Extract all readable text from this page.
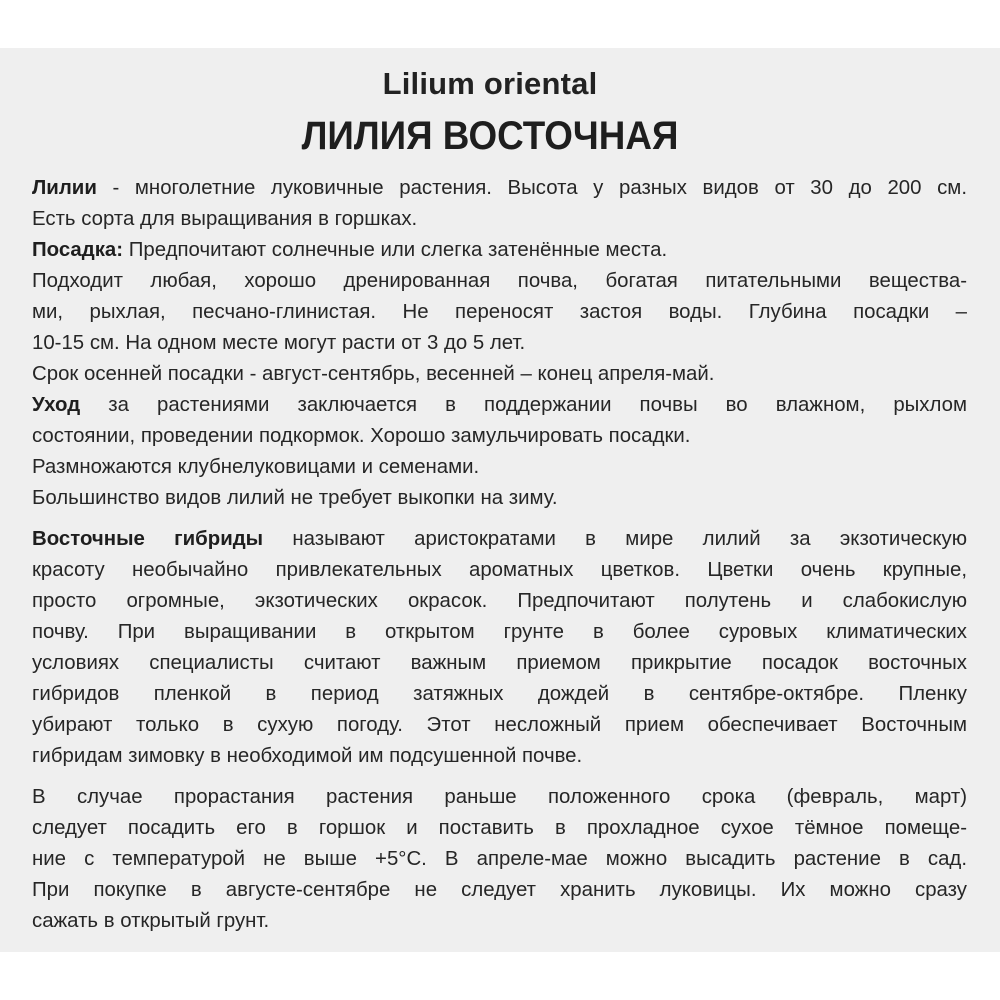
Lilium oriental
ЛИЛИЯ ВОСТОЧНАЯ
Лилии - многолетние луковичные растения. Высота у разных видов от 30 до 200 см.
Есть сорта для выращивания в горшках.
Посадка: Предпочитают солнечные или слегка затенённые места.
Подходит любая, хорошо дренированная почва, богатая питательными вещества-
ми, рыхлая, песчано-глинистая. Не переносят застоя воды. Глубина посадки –
10-15 см. На одном месте могут расти от 3 до 5 лет.
Срок осенней посадки - август-сентябрь, весенней – конец апреля-май.
Уход за растениями заключается в поддержании почвы во влажном, рыхлом
состоянии, проведении подкормок. Хорошо замульчировать посадки.
Размножаются клубнелуковицами и семенами.
Большинство видов лилий не требует выкопки на зиму.
Восточные гибриды называют аристократами в мире лилий за экзотическую
красоту необычайно привлекательных ароматных цветков. Цветки очень крупные,
просто огромные, экзотических окрасок. Предпочитают полутень и слабокислую
почву. При выращивании в открытом грунте в более суровых климатических
условиях специалисты считают важным приемом прикрытие посадок восточных
гибридов пленкой в период затяжных дождей в сентябре-октябре. Пленку
убирают только в сухую погоду. Этот несложный прием обеспечивает Восточным
гибридам зимовку в необходимой им подсушенной почве.
В случае прорастания растения раньше положенного срока (февраль, март)
следует посадить его в горшок и поставить в прохладное сухое тёмное помеще-
ние с температурой не выше +5°С. В апреле-мае можно высадить растение в сад.
При покупке в августе-сентябре не следует хранить луковицы. Их можно сразу
сажать в открытый грунт.
